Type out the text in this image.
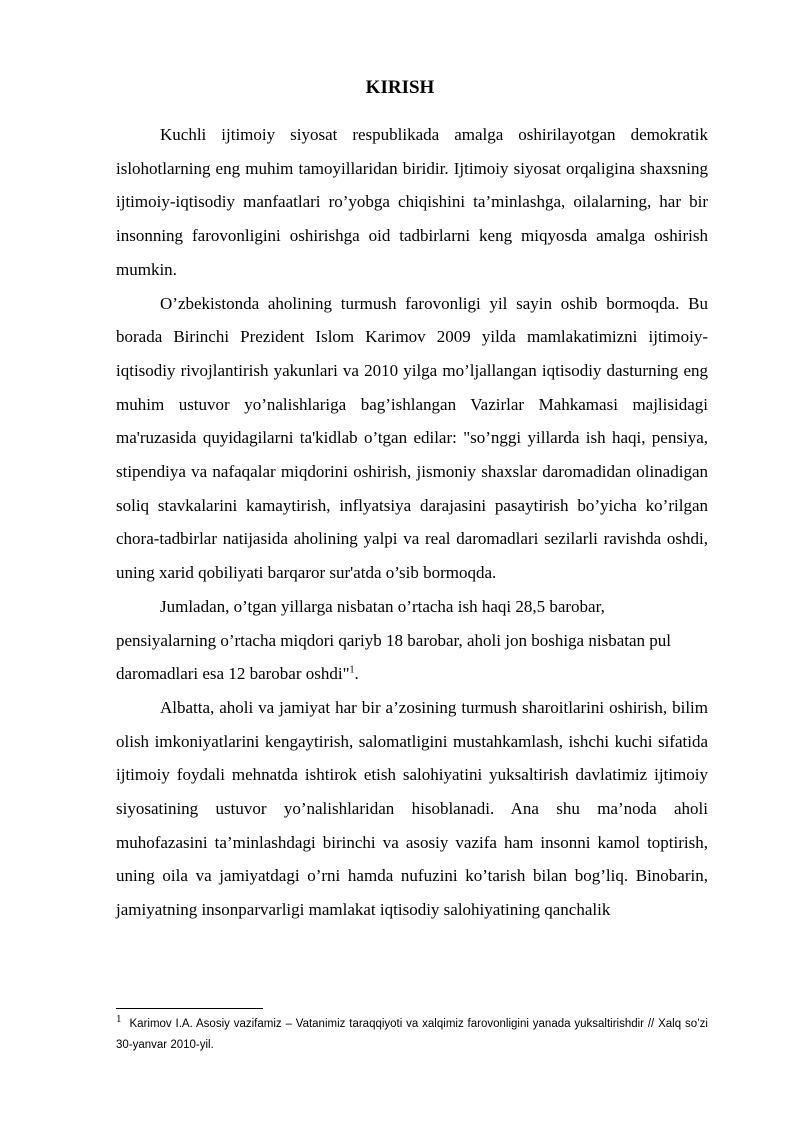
KIRISH

Kuchli ijtimoiy siyosat respublikada amalga oshirilayotgan demokratik islohotlarning eng muhim tamoyillaridan biridir. Ijtimoiy siyosat orqaligina shaxsning ijtimoiy-iqtisodiy manfaatlari ro’yobga chiqishini ta’minlashga, oilalarning, har bir insonning farovonligini oshirishga oid tadbirlarni keng miqyosda amalga oshirish mumkin.

O’zbekistonda aholining turmush farovonligi yil sayin oshib bormoqda. Bu borada Birinchi Prezident Islom Karimov 2009 yilda mamlakatimizni ijtimoiy-iqtisodiy rivojlantirish yakunlari va 2010 yilga mo’ljallangan iqtisodiy dasturning eng muhim ustuvor yo’nalishlariga bag’ishlangan Vazirlar Mahkamasi majlisidagi ma'ruzasida quyidagilarni ta'kidlab o’tgan edilar: "so’nggi yillarda ish haqi, pensiya, stipendiya va nafaqalar miqdorini oshirish, jismoniy shaxslar daromadidan olinadigan soliq stavkalarini kamaytirish, inflyatsiya darajasini pasaytirish bo’yicha ko’rilgan chora-tadbirlar natijasida aholining yalpi va real daromadlari sezilarli ravishda oshdi, uning xarid qobiliyati barqaror sur'atda o’sib bormoqda.

Jumladan, o’tgan yillarga nisbatan o’rtacha ish haqi 28,5 barobar, pensiyalarning o’rtacha miqdori qariyb 18 barobar, aholi jon boshiga nisbatan pul daromadlari esa 12 barobar oshdi"$^1$.

Albatta, aholi va jamiyat har bir a’zosining turmush sharoitlarini oshirish, bilim olish imkoniyatlarini kengaytirish, salomatligini mustahkamlash, ishchi kuchi sifatida ijtimoiy foydali mehnatda ishtirok etish salohiyatini yuksaltirish davlatimiz ijtimoiy siyosatining ustuvor yo’nalishlaridan hisoblanadi. Ana shu ma’noda aholi muhofazasini ta’minlashdagi birinchi va asosiy vazifa ham insonni kamol toptirish, uning oila va jamiyatdagi o’rni hamda nufuzini ko’tarish bilan bog’liq. Binobarin, jamiyatning insonparvarligi mamlakat iqtisodiy salohiyatining qanchalik

1 Karimov I.A. Asosiy vazifamiz – Vatanimiz taraqqiyoti va xalqimiz farovonligini yanada yuksaltirishdir // Xalq so’zi 30-yanvar 2010-yil.
